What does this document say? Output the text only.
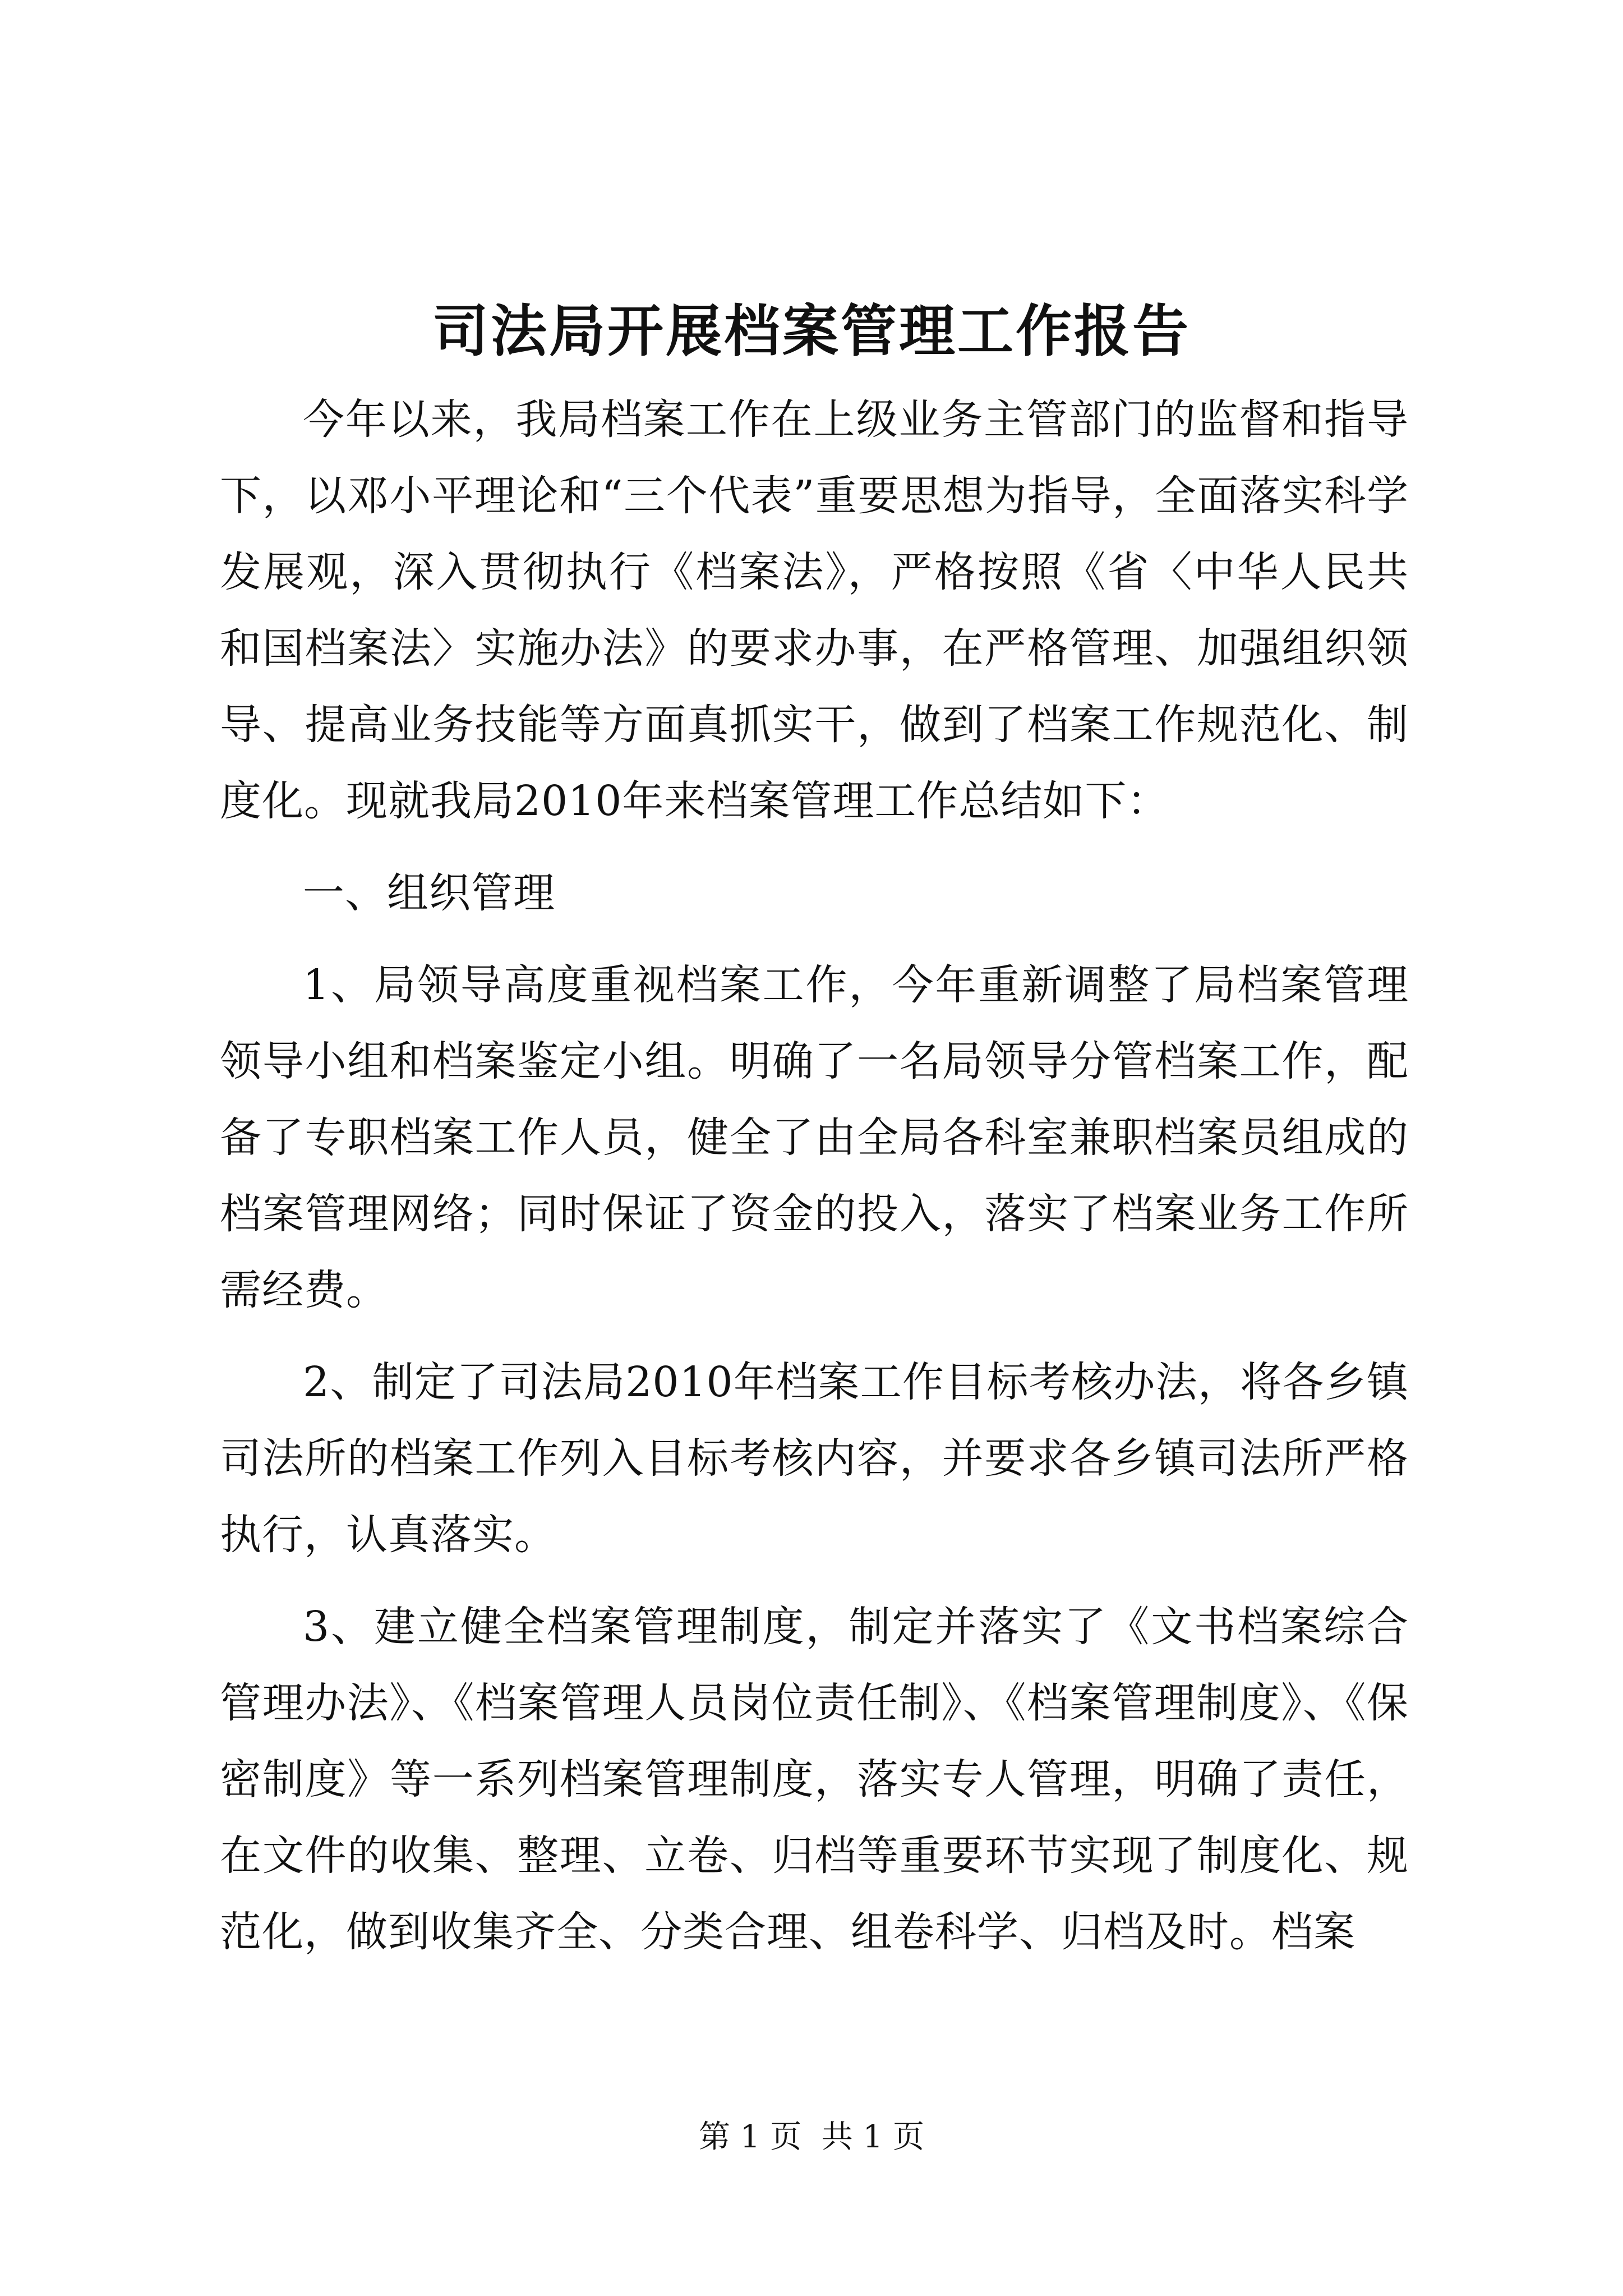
司法局开展档案管理工作报告

今年以来，我局档案工作在上级业务主管部门的监督和指导下，以邓小平理论和“三个代表”重要思想为指导，全面落实科学发展观，深入贯彻执行《档案法》，严格按照《省〈中华人民共和国档案法〉实施办法》的要求办事，在严格管理、加强组织领导、提高业务技能等方面真抓实干，做到了档案工作规范化、制度化。现就我局2010年来档案管理工作总结如下：

一、组织管理

1、局领导高度重视档案工作，今年重新调整了局档案管理领导小组和档案鉴定小组。明确了一名局领导分管档案工作，配备了专职档案工作人员，健全了由全局各科室兼职档案员组成的档案管理网络；同时保证了资金的投入，落实了档案业务工作所需经费。

2、制定了司法局2010年档案工作目标考核办法，将各乡镇司法所的档案工作列入目标考核内容，并要求各乡镇司法所严格执行，认真落实。

3、建立健全档案管理制度，制定并落实了《文书档案综合管理办法》、《档案管理人员岗位责任制》、《档案管理制度》、《保密制度》等一系列档案管理制度，落实专人管理，明确了责任，在文件的收集、整理、立卷、归档等重要环节实现了制度化、规范化，做到收集齐全、分类合理、组卷科学、归档及时。档案

第 1 页  共 1 页
